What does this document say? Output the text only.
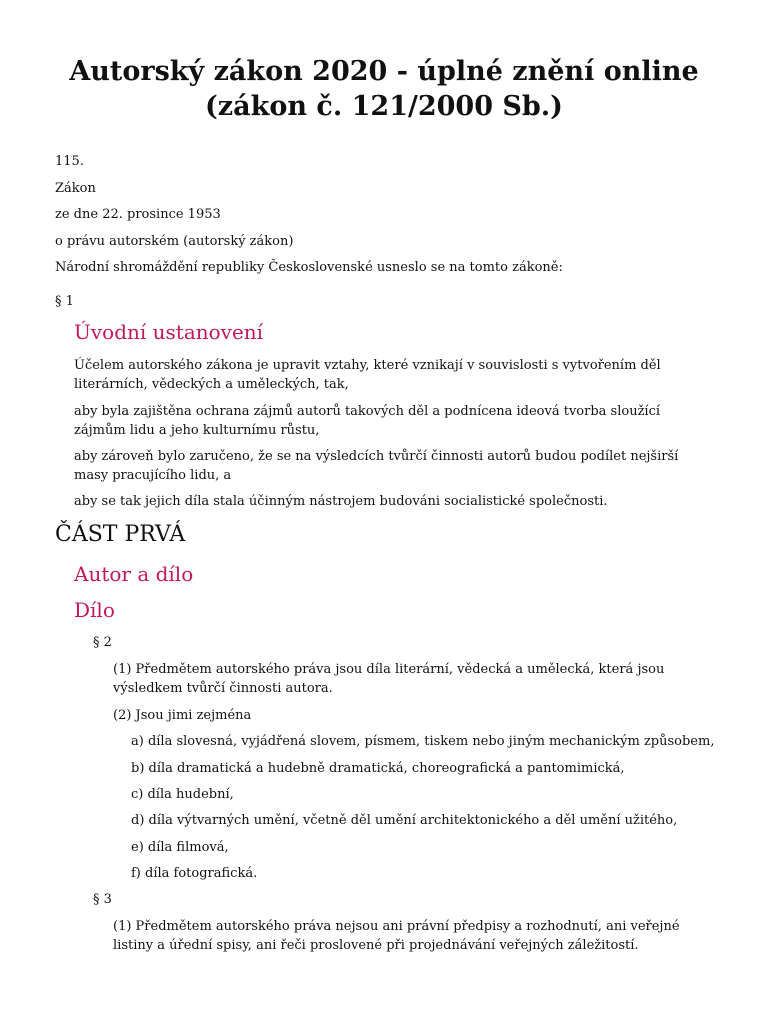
Autorský zákon 2020 - úplné znění online
(zákon č. 121/2000 Sb.)

115.

Zákon

ze dne 22. prosince 1953

o právu autorském (autorský zákon)

Národní shromáždění republiky Československé usneslo se na tomto zákoně:

§ 1

Úvodní ustanovení

Účelem autorského zákona je upravit vztahy, které vznikají v souvislosti s vytvořením děl literárních, vědeckých a uměleckých, tak,

aby byla zajištěna ochrana zájmů autorů takových děl a podnícena ideová tvorba sloužící zájmům lidu a jeho kulturnímu růstu,

aby zároveň bylo zaručeno, že se na výsledcích tvůrčí činnosti autorů budou podílet nejširší masy pracujícího lidu, a

aby se tak jejich díla stala účinným nástrojem budováni socialistické společnosti.

ČÁST PRVÁ
Autor a dílo
Dílo

§ 2

(1) Předmětem autorského práva jsou díla literární, vědecká a umělecká, která jsou výsledkem tvůrčí činnosti autora.

(2) Jsou jimi zejména

a) díla slovesná, vyjádřená slovem, písmem, tiskem nebo jiným mechanickým způsobem,

b) díla dramatická a hudebně dramatická, choreografická a pantomimická,

c) díla hudební,

d) díla výtvarných umění, včetně děl umění architektonického a děl umění užitého,

e) díla filmová,

f) díla fotografická.

§ 3

(1) Předmětem autorského práva nejsou ani právní předpisy a rozhodnutí, ani veřejné listiny a úřední spisy, ani řeči proslovené při projednávání veřejných záležitostí.
